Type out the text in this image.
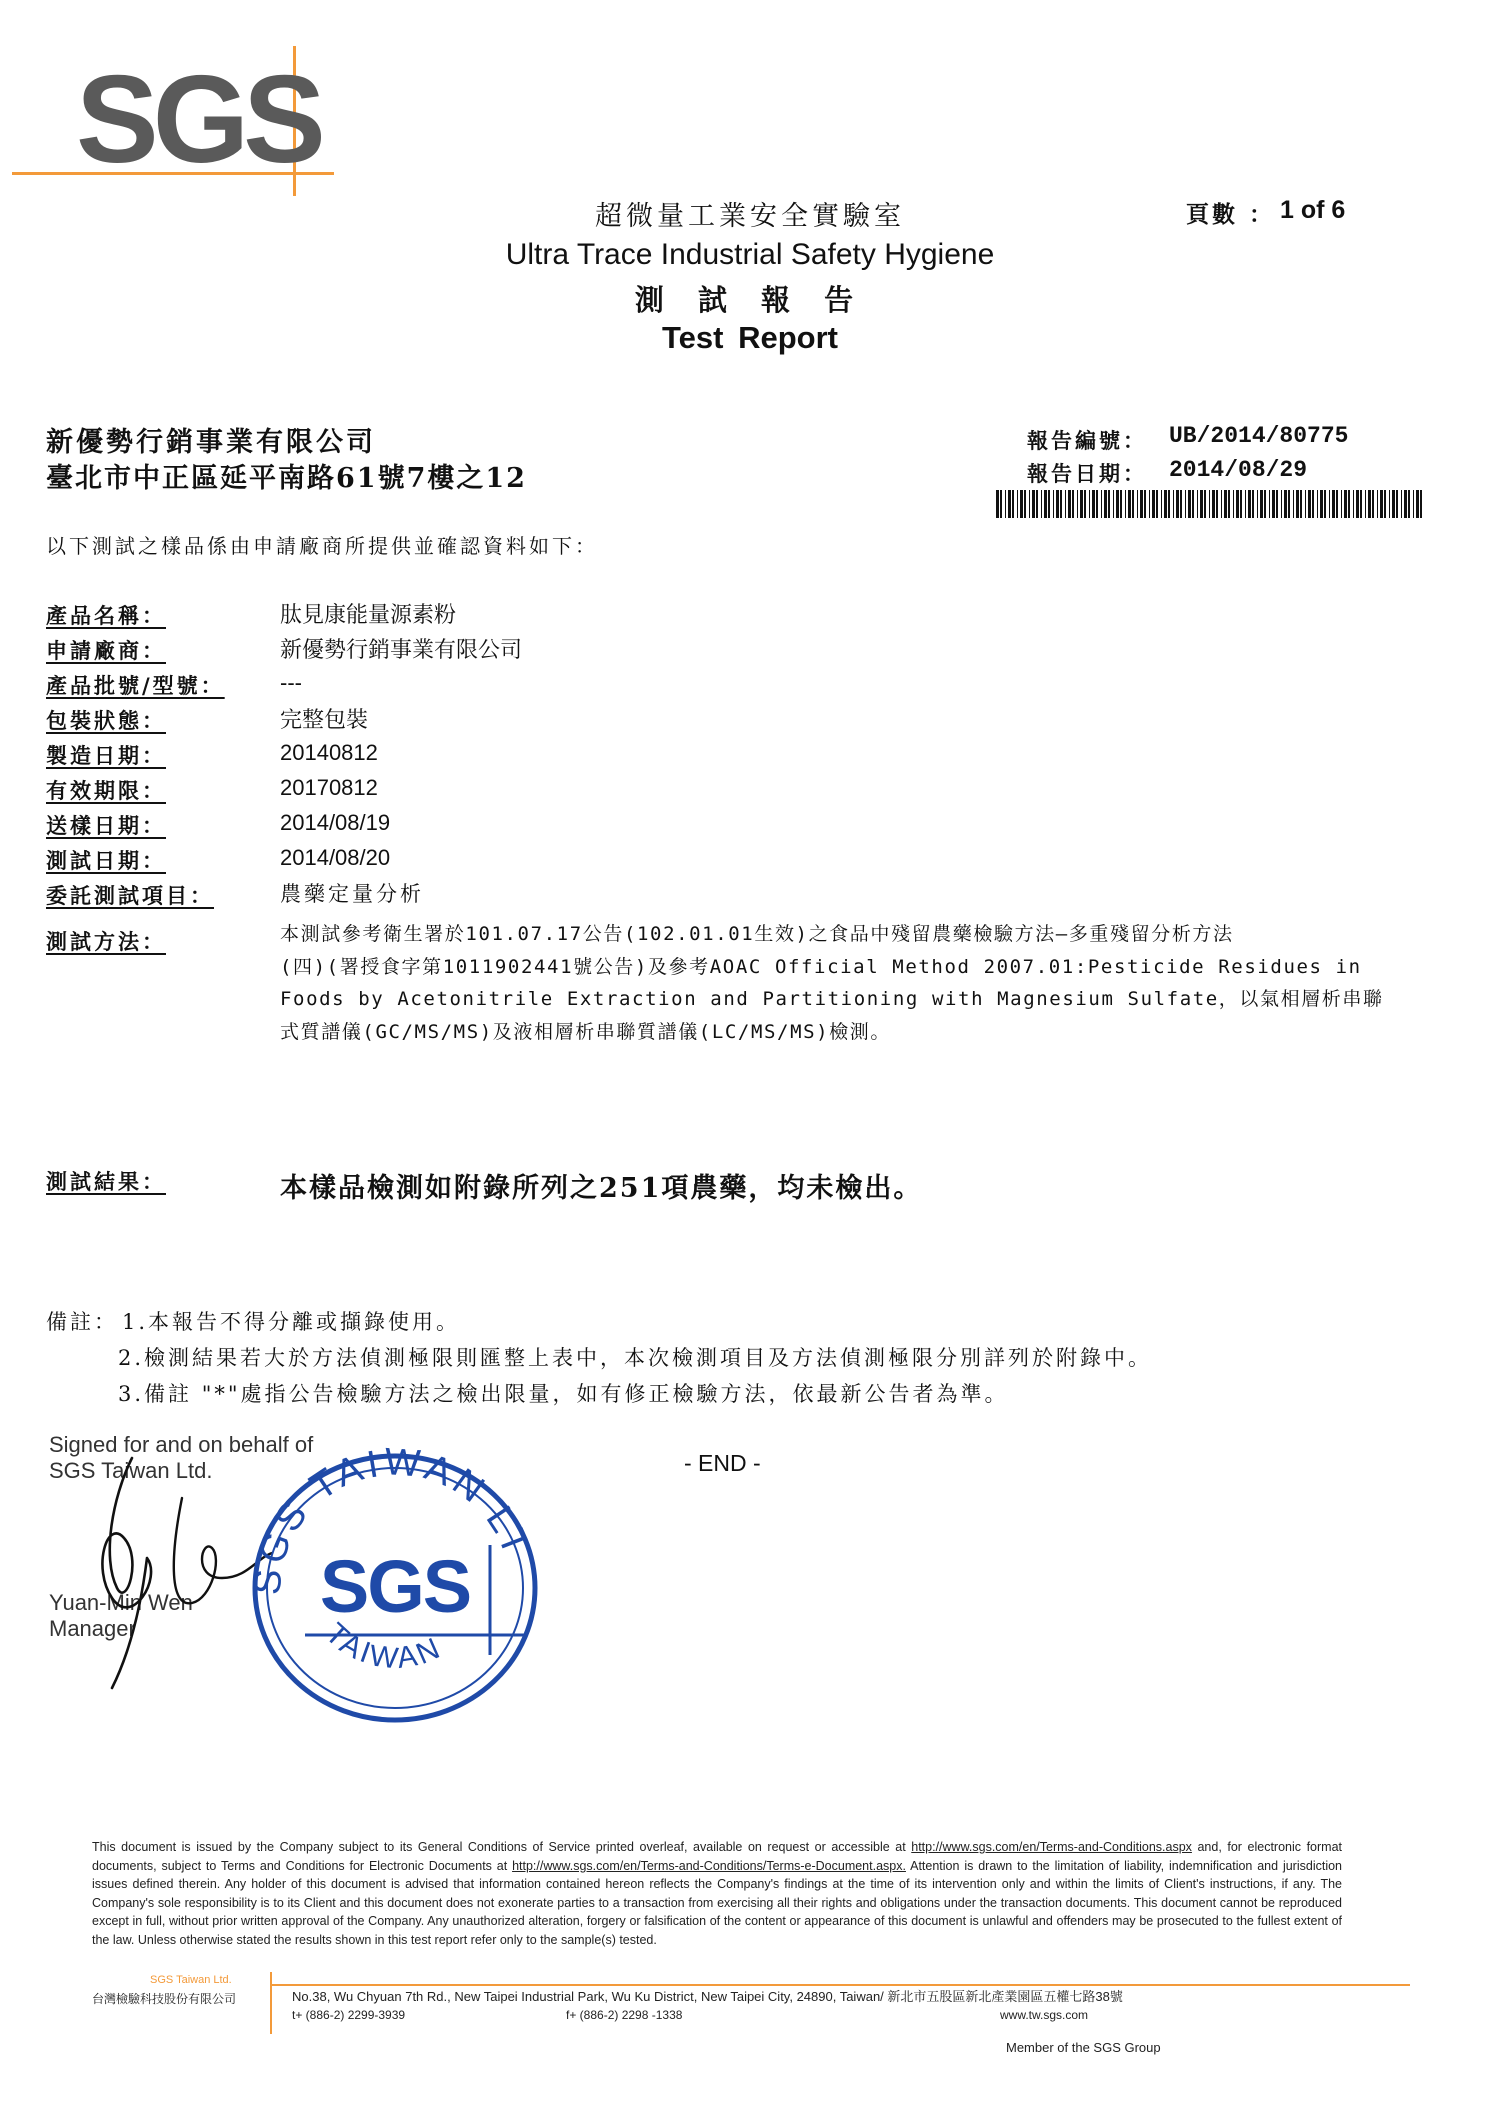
SGS
超微量工業安全實驗室
Ultra Trace Industrial Safety Hygiene
測 試 報 告
Test Report
頁數 ： 1 of 6
新優勢行銷事業有限公司
臺北市中正區延平南路61號7樓之12
報告編號： UB/2014/80775
報告日期： 2014/08/29
以下測試之樣品係由申請廠商所提供並確認資料如下：
產品名稱：	肽見康能量源素粉
申請廠商：	新優勢行銷事業有限公司
產品批號/型號：	---
包裝狀態：	完整包裝
製造日期：	20140812
有效期限：	20170812
送樣日期：	2014/08/19
測試日期：	2014/08/20
委託測試項目：	農藥定量分析
測試方法：	本測試參考衛生署於101.07.17公告(102.01.01生效)之食品中殘留農藥檢驗方法—多重殘留分析方法
(四)(署授食字第1011902441號公告)及參考AOAC Official Method 2007.01:Pesticide Residues in
Foods by Acetonitrile Extraction and Partitioning with Magnesium Sulfate，以氣相層析串聯
式質譜儀(GC/MS/MS)及液相層析串聯質譜儀(LC/MS/MS)檢測。
測試結果：	本樣品檢測如附錄所列之251項農藥，均未檢出。
備註： 1.本報告不得分離或擷錄使用。
2.檢測結果若大於方法偵測極限則匯整上表中，本次檢測項目及方法偵測極限分別詳列於附錄中。
3.備註 "*"處指公告檢驗方法之檢出限量，如有修正檢驗方法，依最新公告者為準。
- END -
Signed for and on behalf of
SGS Taiwan Ltd.
Yuan-Min Wen
Manager
SGS TAIWAN LTD
TAIWAN
SGS
This document is issued by the Company subject to its General Conditions of Service printed overleaf, available on request or accessible at http://www.sgs.com/en/Terms-and-Conditions.aspx and, for electronic format documents, subject to Terms and Conditions for Electronic Documents at http://www.sgs.com/en/Terms-and-Conditions/Terms-e-Document.aspx. Attention is drawn to the limitation of liability, indemnification and jurisdiction issues defined therein. Any holder of this document is advised that information contained hereon reflects the Company's findings at the time of its intervention only and within the limits of Client's instructions, if any. The Company's sole responsibility is to its Client and this document does not exonerate parties to a transaction from exercising all their rights and obligations under the transaction documents. This document cannot be reproduced except in full, without prior written approval of the Company. Any unauthorized alteration, forgery or falsification of the content or appearance of this document is unlawful and offenders may be prosecuted to the fullest extent of the law. Unless otherwise stated the results shown in this test report refer only to the sample(s) tested.
SGS Taiwan Ltd.
台灣檢驗科技股份有限公司	No.38, Wu Chyuan 7th Rd., New Taipei Industrial Park, Wu Ku District, New Taipei City, 24890, Taiwan/ 新北市五股區新北產業園區五權七路38號
t+ (886-2) 2299-3939	f+ (886-2) 2298 -1338	www.tw.sgs.com
Member of the SGS Group
